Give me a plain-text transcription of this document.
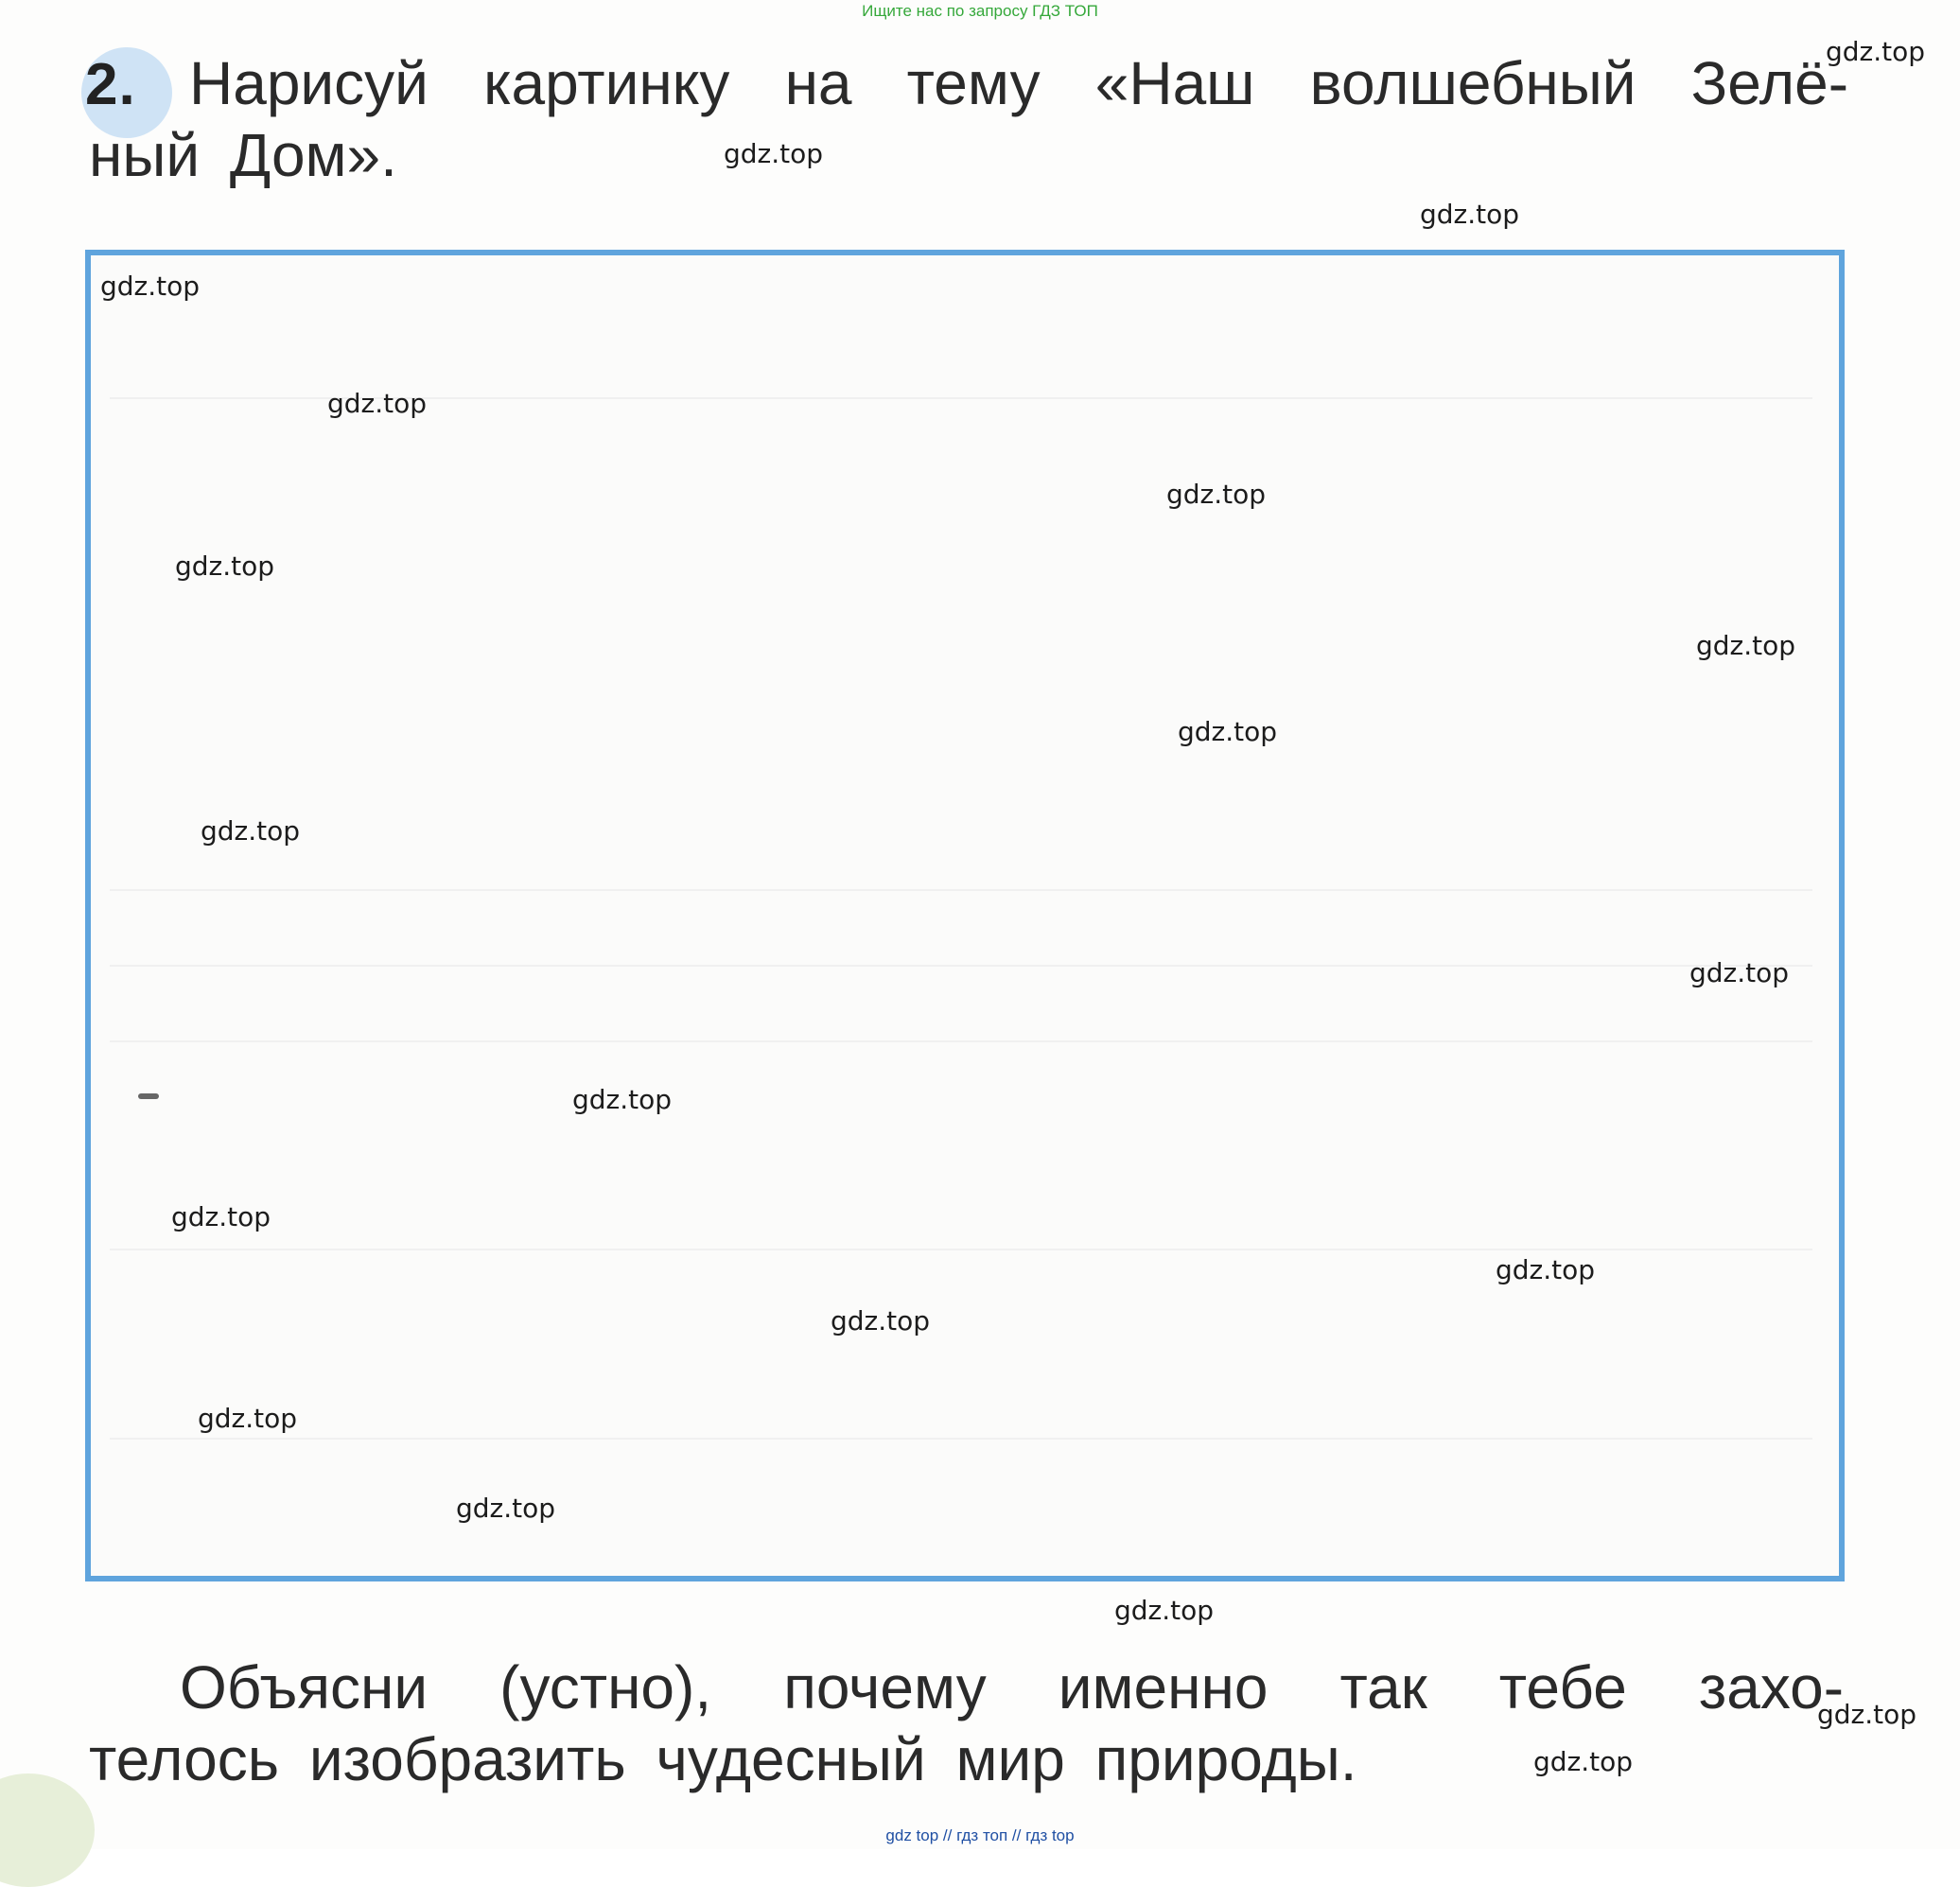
Ищите нас по запросу ГДЗ ТОП
2. Нарисуй картинку на тему «Наш волшебный Зелё-
ный Дом».
Объясни (устно), почему именно так тебе захо-
телось изобразить чудесный мир природы.
gdz.top
gdz.top
gdz.top
gdz.top
gdz.top
gdz.top
gdz.top
gdz.top
gdz.top
gdz.top
gdz.top
gdz.top
gdz.top
gdz.top
gdz.top
gdz.top
gdz.top
gdz.top
gdz.top
gdz.top
gdz top // гдз топ // гдз top
